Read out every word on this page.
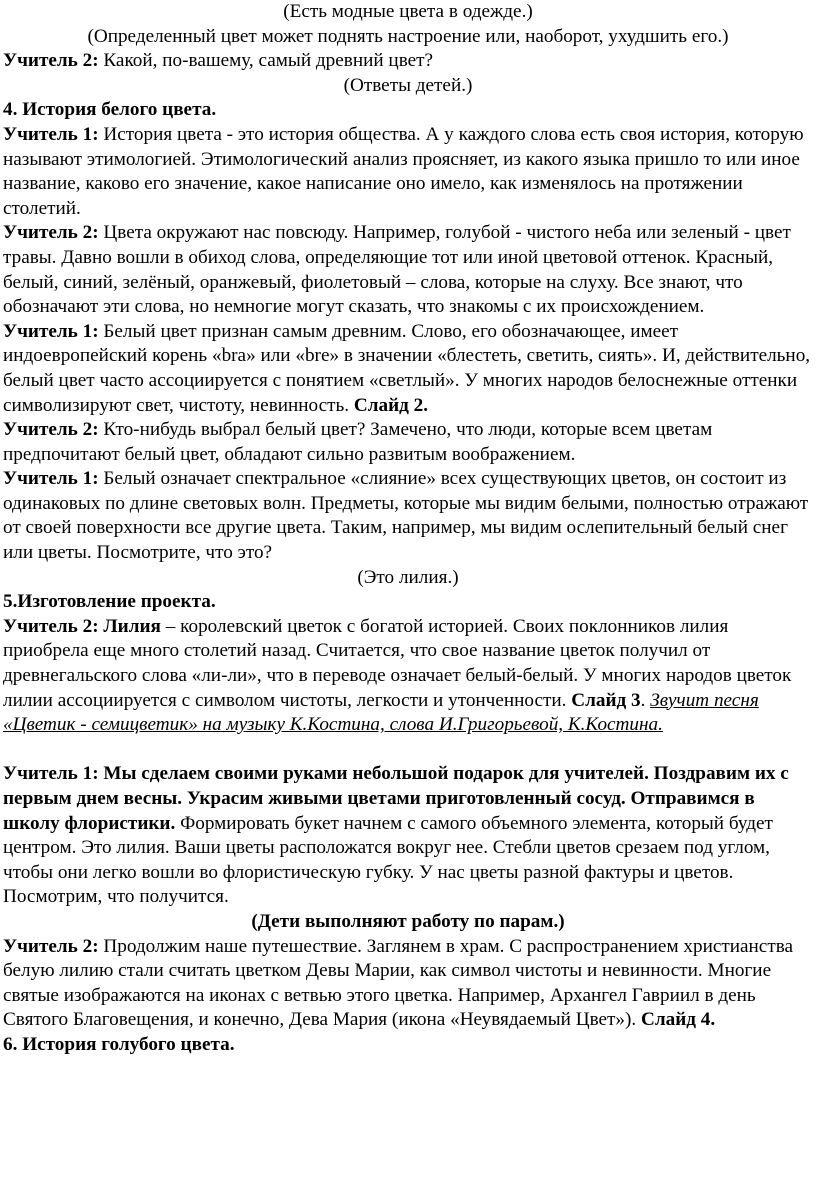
(Есть модные цвета в одежде.)

(Определенный цвет может поднять настроение или, наоборот, ухудшить его.)

Учитель 2: Какой, по-вашему, самый древний цвет?

(Ответы детей.)

4. История белого цвета.

Учитель 1: История цвета - это история общества. А у каждого слова есть своя история, которую называют этимологией. Этимологический анализ проясняет, из какого языка пришло то или иное название, каково его значение, какое написание оно имело, как изменялось на протяжении столетий.

Учитель 2: Цвета окружают нас повсюду. Например, голубой - чистого неба или зеленый - цвет травы. Давно вошли в обиход слова, определяющие тот или иной цветовой оттенок. Красный, белый, синий, зелёный, оранжевый, фиолетовый – слова, которые на слуху. Все знают, что обозначают эти слова, но немногие могут сказать, что знакомы с их происхождением.

Учитель 1: Белый цвет признан самым древним. Слово, его обозначающее, имеет индоевропейский корень «bra» или «bre» в значении «блестеть, светить, сиять». И, действительно, белый цвет часто ассоциируется с понятием «светлый». У многих народов белоснежные оттенки символизируют свет, чистоту, невинность. Слайд 2.

Учитель 2: Кто-нибудь выбрал белый цвет? Замечено, что люди, которые всем цветам предпочитают белый цвет, обладают сильно развитым воображением.

Учитель 1: Белый означает спектральное «слияние» всех существующих цветов, он состоит из одинаковых по длине световых волн. Предметы, которые мы видим белыми, полностью отражают от своей поверхности все другие цвета. Таким, например, мы видим ослепительный белый снег или цветы. Посмотрите, что это?

(Это лилия.)

5.Изготовление проекта.

Учитель 2: Лилия – королевский цветок с богатой историей. Своих поклонников лилия приобрела еще много столетий назад. Считается, что свое название цветок получил от древнегальского слова «ли-ли», что в переводе означает белый-белый. У многих народов цветок лилии ассоциируется с символом чистоты, легкости и утонченности. Слайд 3. Звучит песня «Цветик - семицветик» на музыку К.Костина, слова И.Григорьевой, К.Костина.

Учитель 1: Мы сделаем своими руками небольшой подарок для учителей. Поздравим их с первым днем весны. Украсим живыми цветами приготовленный сосуд. Отправимся в школу флористики. Формировать букет начнем с самого объемного элемента, который будет центром. Это лилия. Ваши цветы расположатся вокруг нее. Стебли цветов срезаем под углом, чтобы они легко вошли во флористическую губку. У нас цветы разной фактуры и цветов. Посмотрим, что получится.

(Дети выполняют работу по парам.)

Учитель 2: Продолжим наше путешествие. Заглянем в храм. С распространением христианства белую лилию стали считать цветком Девы Марии, как символ чистоты и невинности. Многие святые изображаются на иконах с ветвью этого цветка. Например, Архангел Гавриил в день Святого Благовещения, и конечно, Дева Мария (икона «Неувядаемый Цвет»). Слайд 4.

6. История голубого цвета.
